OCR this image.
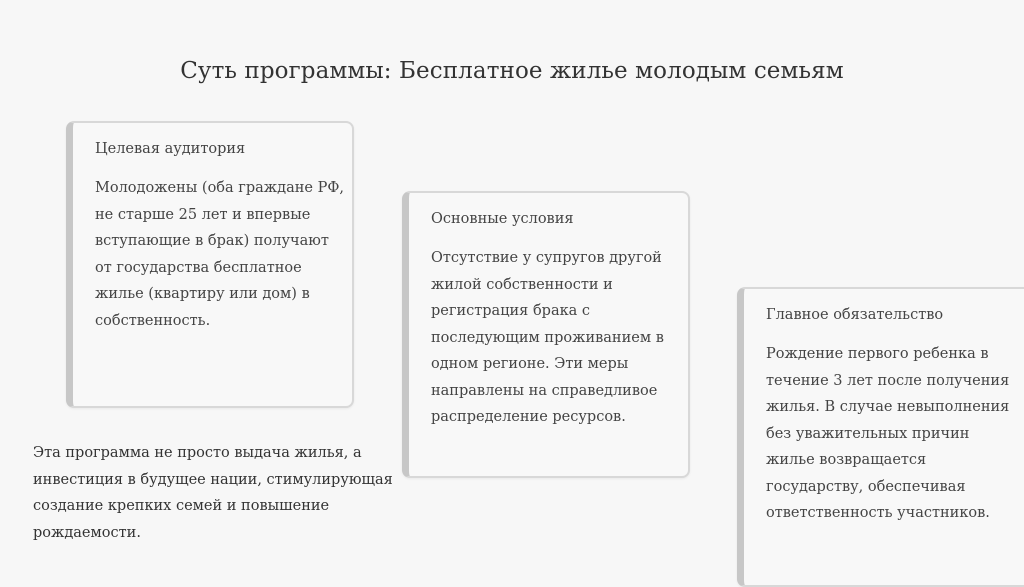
Суть программы: Бесплатное жилье молодым семьям
Целевая аудитория
Молодожены (оба граждане РФ, не старше 25 лет и впервые вступающие в брак) получают от государства бесплатное жилье (квартиру или дом) в собственность.
Основные условия
Отсутствие у супругов другой жилой собственности и регистрация брака с последующим проживанием в одном регионе. Эти меры направлены на справедливое распределение ресурсов.
Главное обязательство
Рождение первого ребенка в течение 3 лет после получения жилья. В случае невыполнения без уважительных причин жилье возвращается государству, обеспечивая ответственность участников.
Эта программа не просто выдача жилья, а инвестиция в будущее нации, стимулирующая создание крепких семей и повышение рождаемости.
